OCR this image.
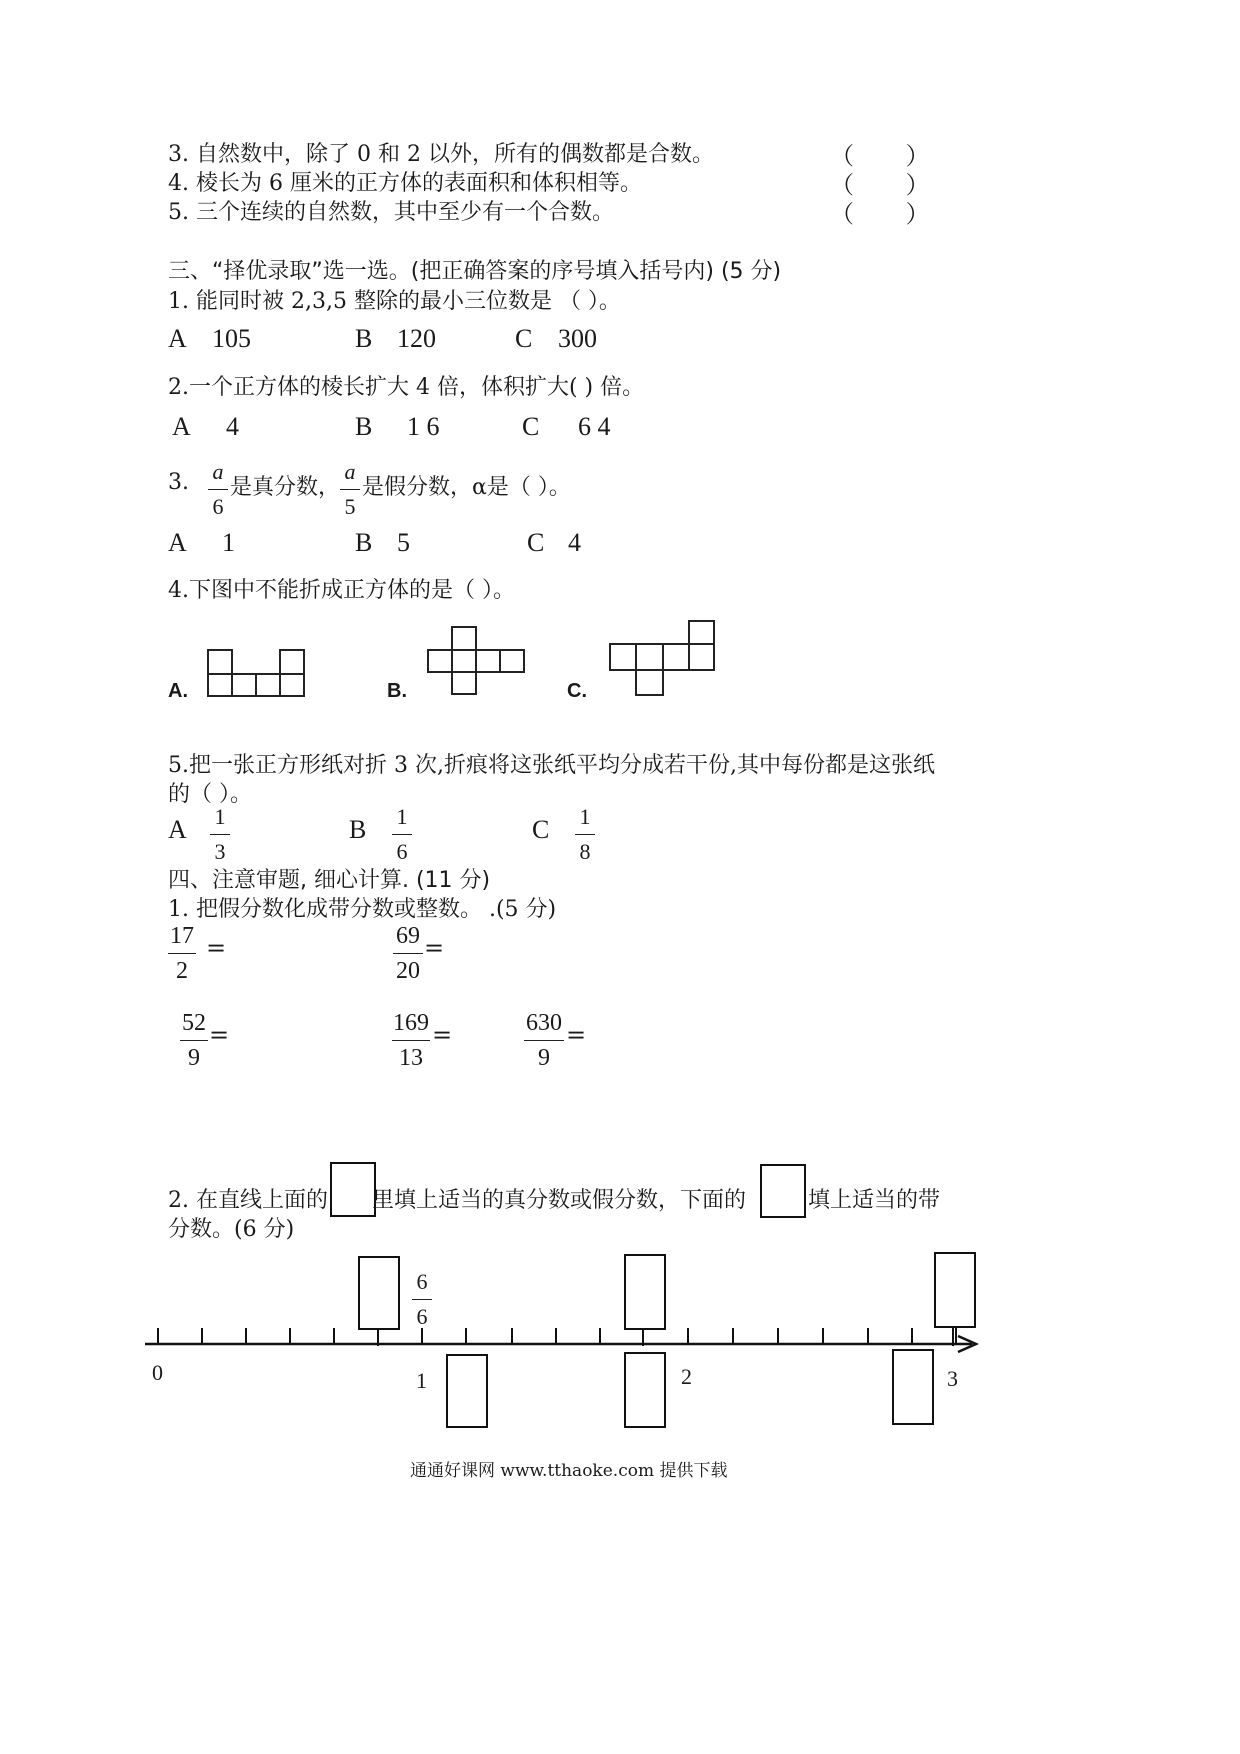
3. 自然数中，除了 0 和 2 以外，所有的偶数都是合数。	（ ）
4. 棱长为 6 厘米的正方体的表面积和体积相等。	（ ）
5. 三个连续的自然数，其中至少有一个合数。	（ ）
三、“择优录取”选一选。(把正确答案的序号填入括号内) (5 分)
1. 能同时被 2,3,5 整除的最小三位数是 （ ）。
A 105	B 120	C 300
2.一个正方体的棱长扩大 4 倍，体积扩大( ) 倍。
A 4	B 1 6	C 6 4
3. a
6
是真分数，
a
5
是假分数，α是（ ）。
A 1	B 5	C 4
4.下图中不能折成正方体的是（ ）。
A.	B.	C.
5.把一张正方形纸对折 3 次,折痕将这张纸平均分成若干份,其中每份都是这张纸
的（ ）。
A 1
3
B 1
6
C 1
8
四、注意审题, 细心计算. (11 分)
1. 把假分数化成带分数或整数。 .(5 分)
17
2
=	69
20
=
52
9
=	169
13
=	630
9
=
2. 在直线上面的 里填上适当的真分数或假分数，下面的	填上适当的带
分数。(6 分)
6
6
0	1	2	3
通通好课网 www.tthaoke.com 提供下载
